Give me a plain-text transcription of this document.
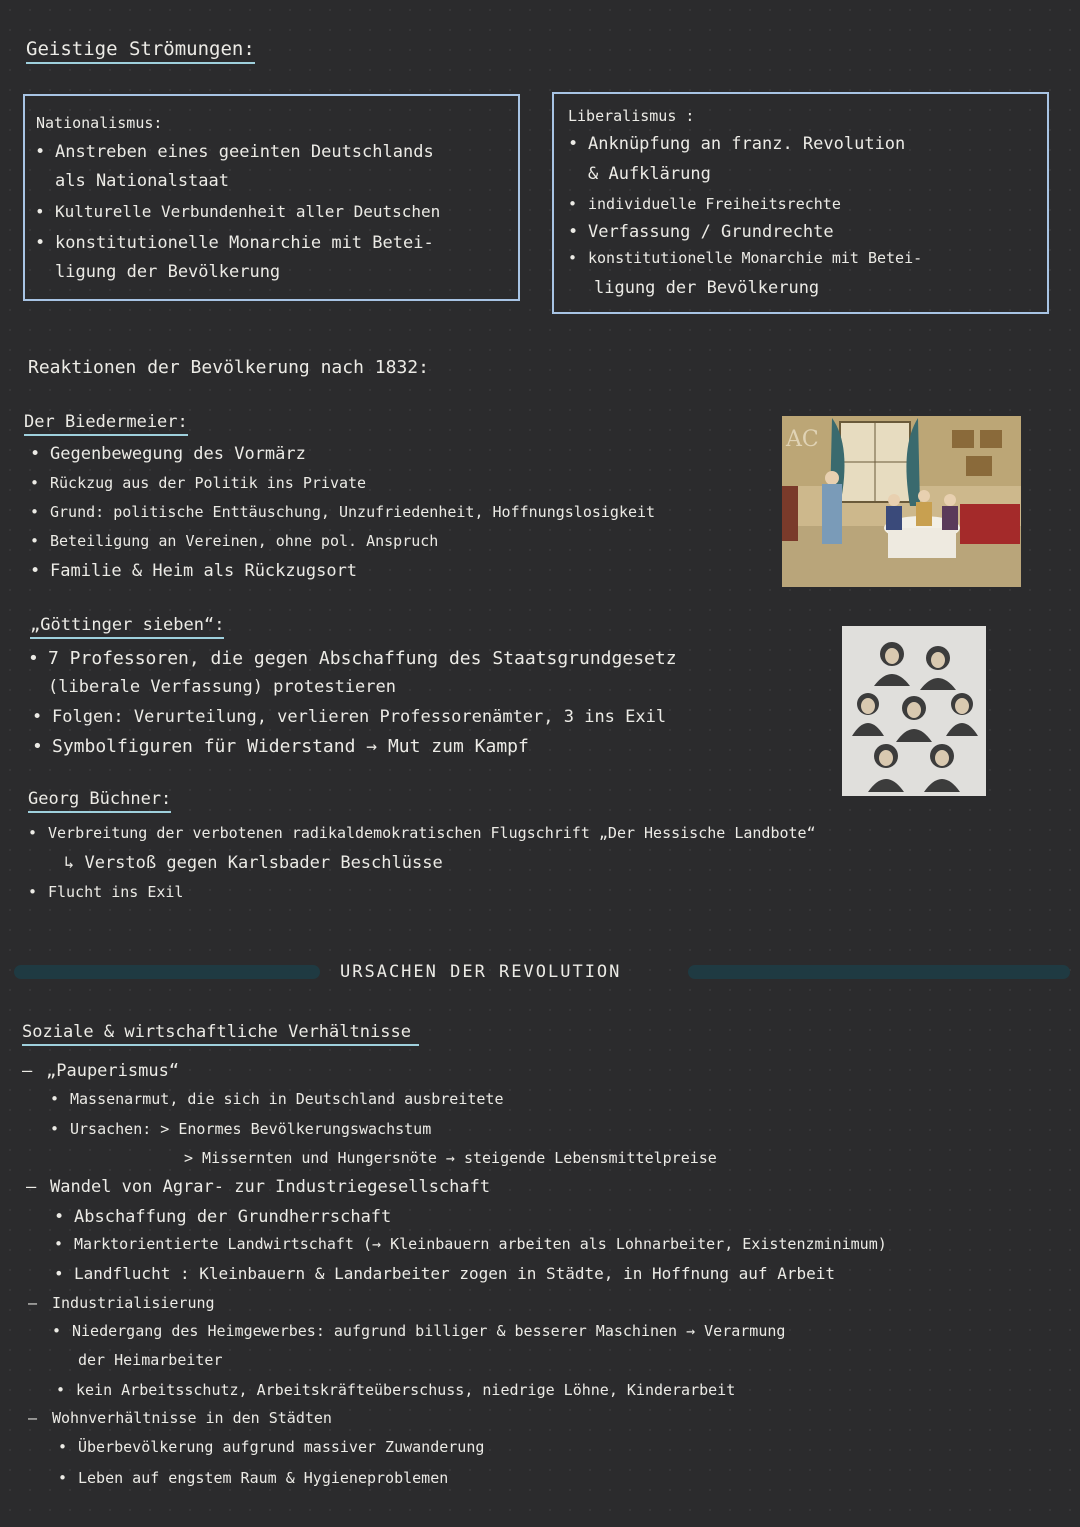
Geistige Strömungen:
Nationalismus:
• Anstreben eines geeinten Deutschlands
als Nationalstaat
• Kulturelle Verbundenheit aller Deutschen
• konstitutionelle Monarchie mit Betei-
ligung der Bevölkerung
Liberalismus :
• Anknüpfung an franz. Revolution
& Aufklärung
• individuelle Freiheitsrechte
• Verfassung / Grundrechte
• konstitutionelle Monarchie mit Betei-
ligung der Bevölkerung
Reaktionen der Bevölkerung nach 1832:
Der Biedermeier:
• Gegenbewegung des Vormärz
• Rückzug aus der Politik ins Private
• Grund: politische Enttäuschung, Unzufriedenheit, Hoffnungslosigkeit
• Beteiligung an Vereinen, ohne pol. Anspruch
• Familie & Heim als Rückzugsort
AC
„Göttinger sieben“:
• 7 Professoren, die gegen Abschaffung des Staatsgrundgesetz
(liberale Verfassung) protestieren
• Folgen: Verurteilung, verlieren Professorenämter, 3 ins Exil
• Symbolfiguren für Widerstand → Mut zum Kampf
Georg Büchner:
• Verbreitung der verbotenen radikaldemokratischen Flugschrift „Der Hessische Landbote“
↳ Verstoß gegen Karlsbader Beschlüsse
• Flucht ins Exil
URSACHEN DER REVOLUTION
Soziale & wirtschaftliche Verhältnisse
– „Pauperismus“
• Massenarmut, die sich in Deutschland ausbreitete
• Ursachen: > Enormes Bevölkerungswachstum
> Missernten und Hungersnöte → steigende Lebensmittelpreise
– Wandel von Agrar- zur Industriegesellschaft
• Abschaffung der Grundherrschaft
• Marktorientierte Landwirtschaft (→ Kleinbauern arbeiten als Lohnarbeiter, Existenzminimum)
• Landflucht : Kleinbauern & Landarbeiter zogen in Städte, in Hoffnung auf Arbeit
– Industrialisierung
• Niedergang des Heimgewerbes: aufgrund billiger & besserer Maschinen → Verarmung
der Heimarbeiter
• kein Arbeitsschutz, Arbeitskräfteüberschuss, niedrige Löhne, Kinderarbeit
– Wohnverhältnisse in den Städten
• Überbevölkerung aufgrund massiver Zuwanderung
• Leben auf engstem Raum & Hygieneproblemen
